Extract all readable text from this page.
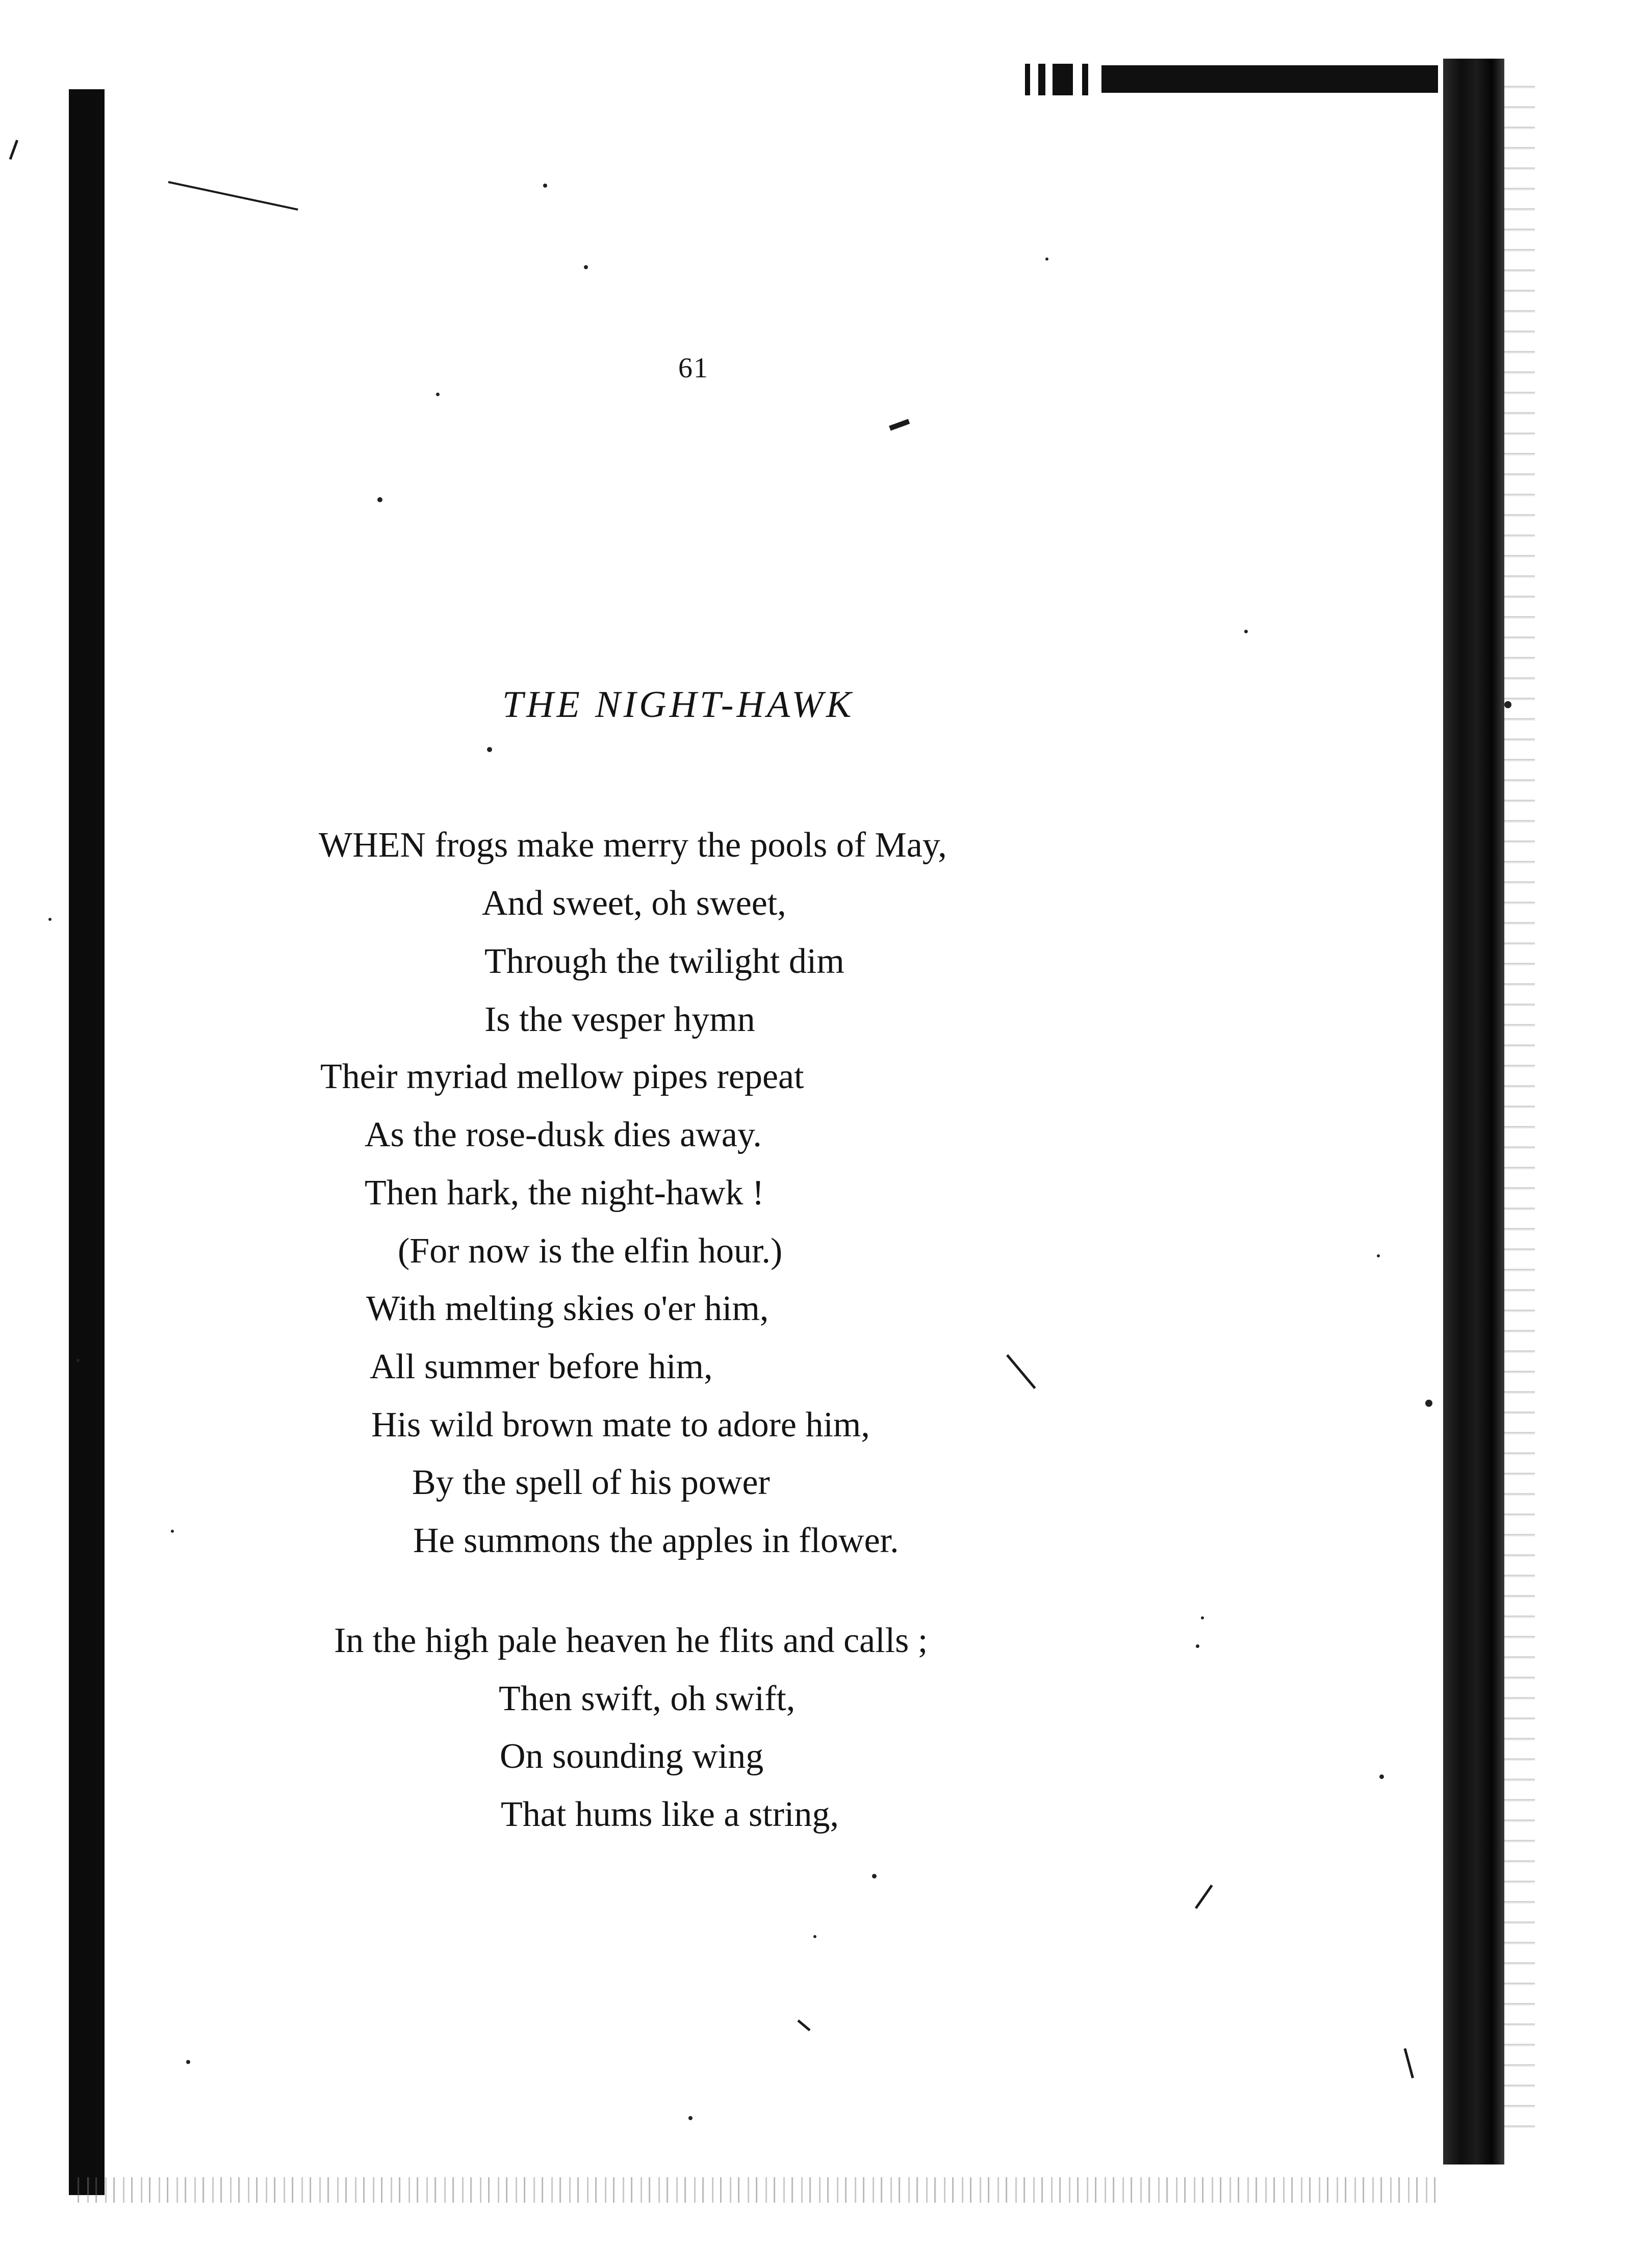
61
THE NIGHT-HAWK
WHEN frogs make merry the pools of May,
And sweet, oh sweet,
Through the twilight dim
Is the vesper hymn
Their myriad mellow pipes repeat
As the rose-dusk dies away.
Then hark, the night-hawk !
(For now is the elfin hour.)
With melting skies o'er him,
All summer before him,
His wild brown mate to adore him,
By the spell of his power
He summons the apples in flower.
In the high pale heaven he flits and calls ;
Then swift, oh swift,
On sounding wing
That hums like a string,
